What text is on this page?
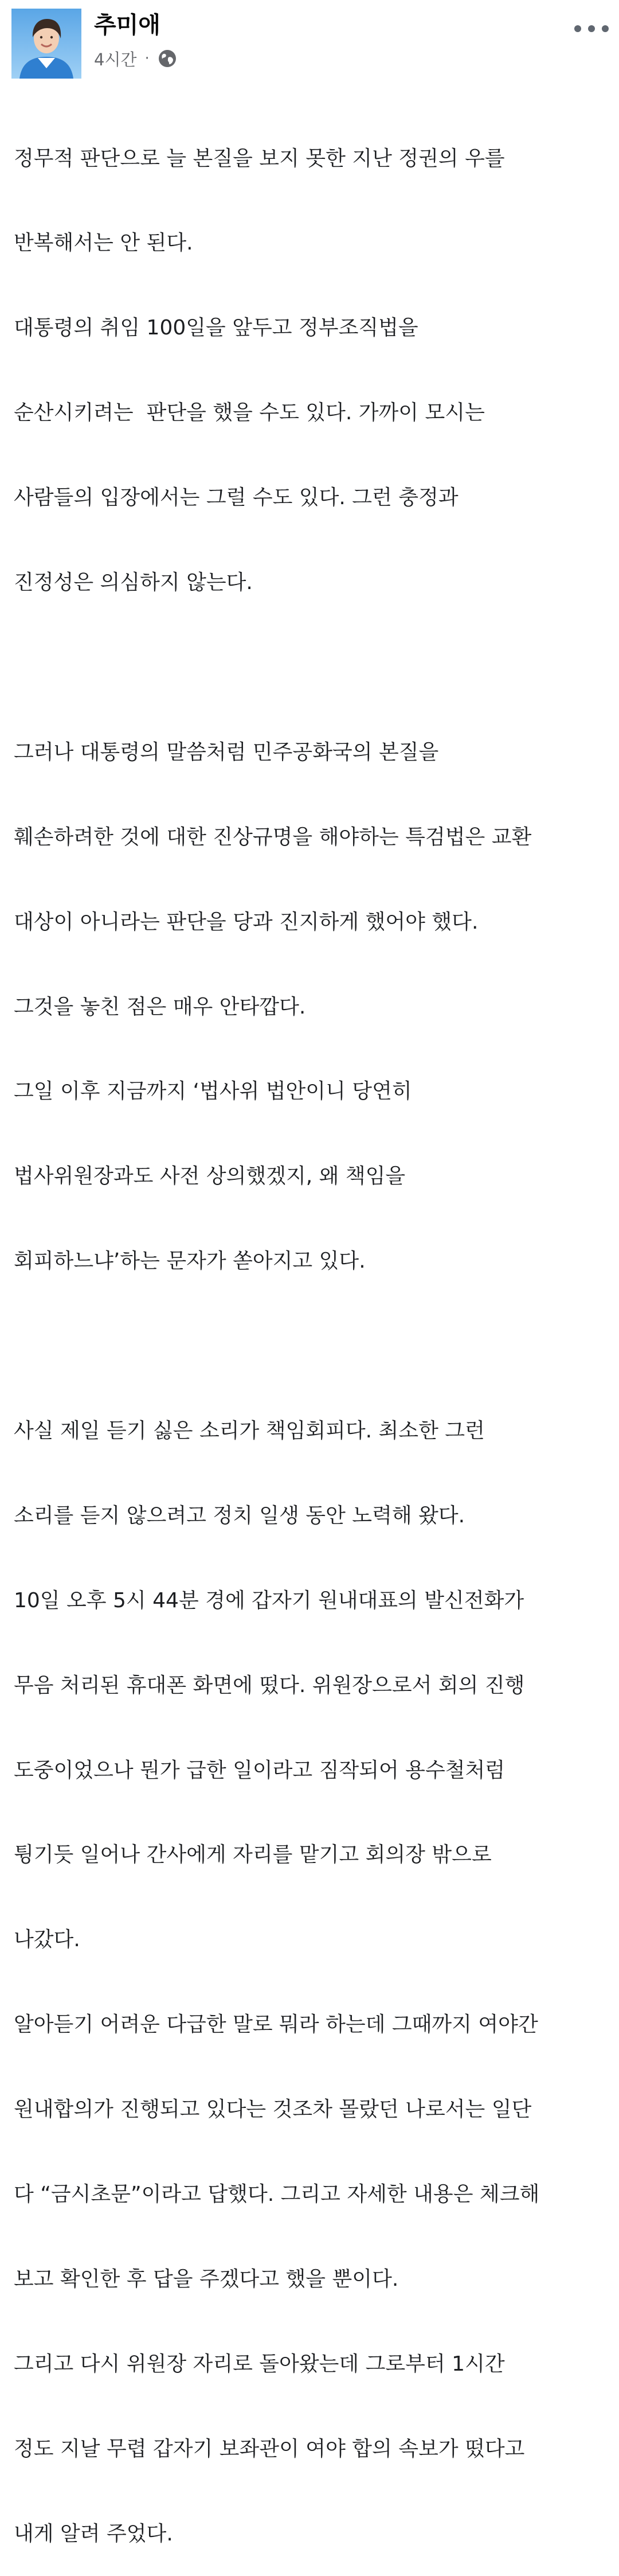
추미애
4시간 ·

정무적 판단으로 늘 본질을 보지 못한 지난 정권의 우를

반복해서는 안 된다.

대통령의 취임 100일을 앞두고 정부조직법을

순산시키려는  판단을 했을 수도 있다. 가까이 모시는

사람들의 입장에서는 그럴 수도 있다. 그런 충정과

진정성은 의심하지 않는다.

그러나 대통령의 말씀처럼 민주공화국의 본질을

훼손하려한 것에 대한 진상규명을 해야하는 특검법은 교환

대상이 아니라는 판단을 당과 진지하게 했어야 했다.

그것을 놓친 점은 매우 안타깝다.

그일 이후 지금까지 ‘법사위 법안이니 당연히

법사위원장과도 사전 상의했겠지, 왜 책임을

회피하느냐’하는 문자가 쏟아지고 있다.

사실 제일 듣기 싫은 소리가 책임회피다. 최소한 그런

소리를 듣지 않으려고 정치 일생 동안 노력해 왔다.

10일 오후 5시 44분 경에 갑자기 원내대표의 발신전화가

무음 처리된 휴대폰 화면에 떴다. 위원장으로서 회의 진행

도중이었으나 뭔가 급한 일이라고 짐작되어 용수철처럼

튕기듯 일어나 간사에게 자리를 맡기고 회의장 밖으로

나갔다.

알아듣기 어려운 다급한 말로 뭐라 하는데 그때까지 여야간

원내합의가 진행되고 있다는 것조차 몰랐던 나로서는 일단

다 “금시초문”이라고 답했다. 그리고 자세한 내용은 체크해

보고 확인한 후 답을 주겠다고 했을 뿐이다.

그리고 다시 위원장 자리로 돌아왔는데 그로부터 1시간

정도 지날 무렵 갑자기 보좌관이 여야 합의 속보가 떴다고

내게 알려 주었다.
